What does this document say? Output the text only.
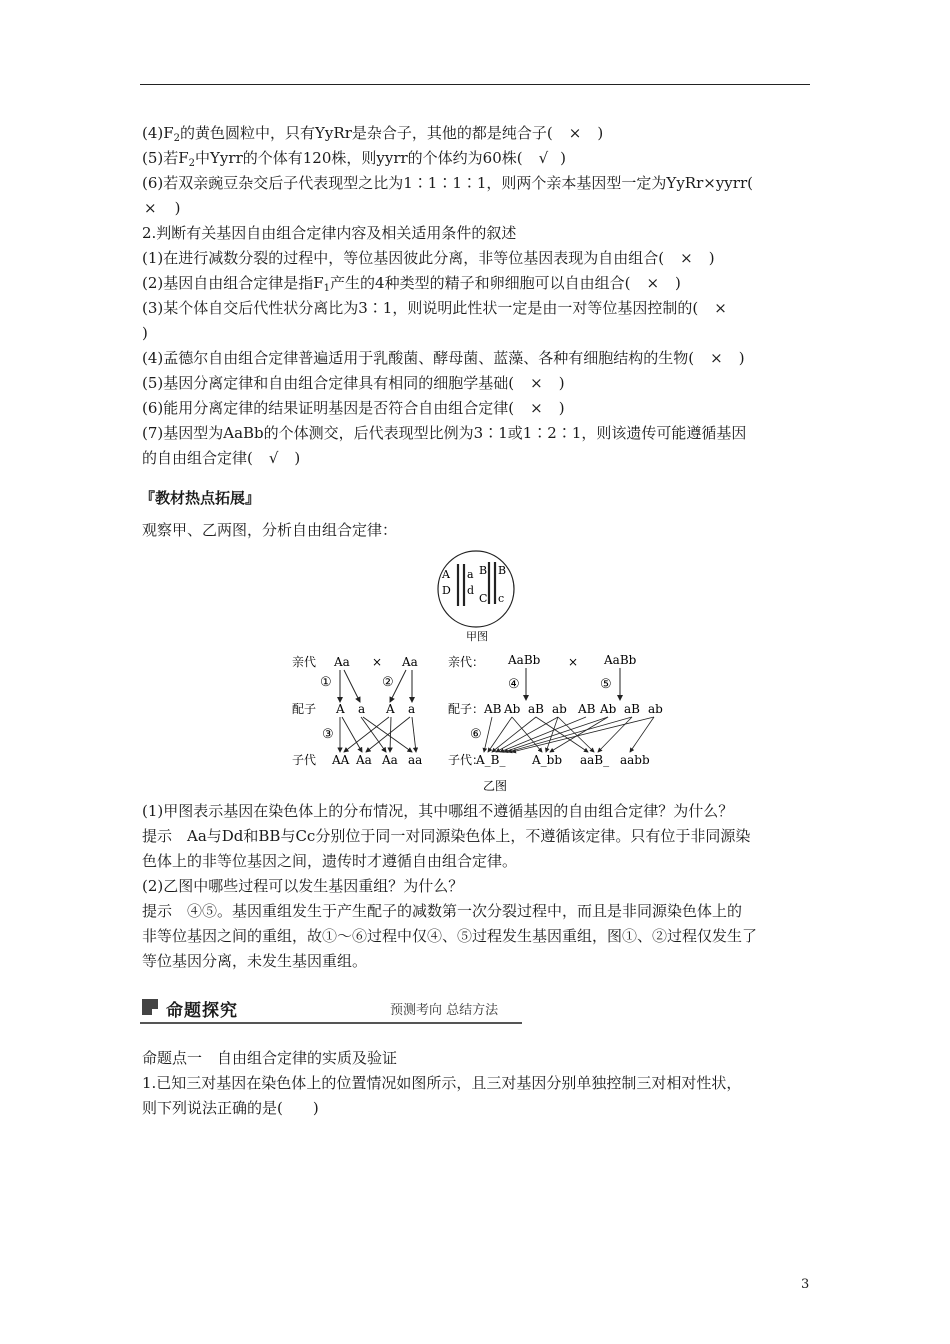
$(4)F_2$的黄色圆粒中，只有YyRr是杂合子，其他的都是纯合子( × )
(5)若$F_2$中Yyrr的个体有120株，则yyrr的个体约为60株( √ )
(6)若双亲豌豆杂交后子代表现型之比为1∶1∶1∶1，则两个亲本基因型一定为YyRr×yyrr(
× )
2.判断有关基因自由组合定律内容及相关适用条件的叙述
(1)在进行减数分裂的过程中，等位基因彼此分离，非等位基因表现为自由组合( × )
(2)基因自由组合定律是指$F_1$产生的4种类型的精子和卵细胞可以自由组合( × )
(3)某个体自交后代性状分离比为3∶1，则说明此性状一定是由一对等位基因控制的( ×
)
(4)孟德尔自由组合定律普遍适用于乳酸菌、酵母菌、蓝藻、各种有细胞结构的生物( × )
(5)基因分离定律和自由组合定律具有相同的细胞学基础( × )
(6)能用分离定律的结果证明基因是否符合自由组合定律( × )
(7)基因型为AaBb的个体测交，后代表现型比例为3∶1或1∶2∶1，则该遗传可能遵循基因
的自由组合定律( √ )
『教材热点拓展』
观察甲、乙两图，分析自由组合定律：
A
D
a
d
B
C
B
c
甲图
亲代
配子
子代
Aa × Aa
①	②
③
A a A a
AA Aa Aa aa
亲代：
配子：
子代：
AaBb × AaBb
④	⑤
⑥
AB Ab aB ab AB Ab aB ab
A_B_ A_bb aaB_ aabb
乙图
(1)甲图表示基因在染色体上的分布情况，其中哪组不遵循基因的自由组合定律？为什么？
提示　Aa与Dd和BB与Cc分别位于同一对同源染色体上，不遵循该定律。只有位于非同源染
色体上的非等位基因之间，遗传时才遵循自由组合定律。
(2)乙图中哪些过程可以发生基因重组？为什么？
提示　④⑤。基因重组发生于产生配子的减数第一次分裂过程中，而且是非同源染色体上的
非等位基因之间的重组，故①～⑥过程中仅④、⑤过程发生基因重组，图①、②过程仅发生了
等位基因分离，未发生基因重组。
命题探究	预测考向 总结方法
命题点一　自由组合定律的实质及验证
1.已知三对基因在染色体上的位置情况如图所示，且三对基因分别单独控制三对相对性状，
则下列说法正确的是(　　)
3
